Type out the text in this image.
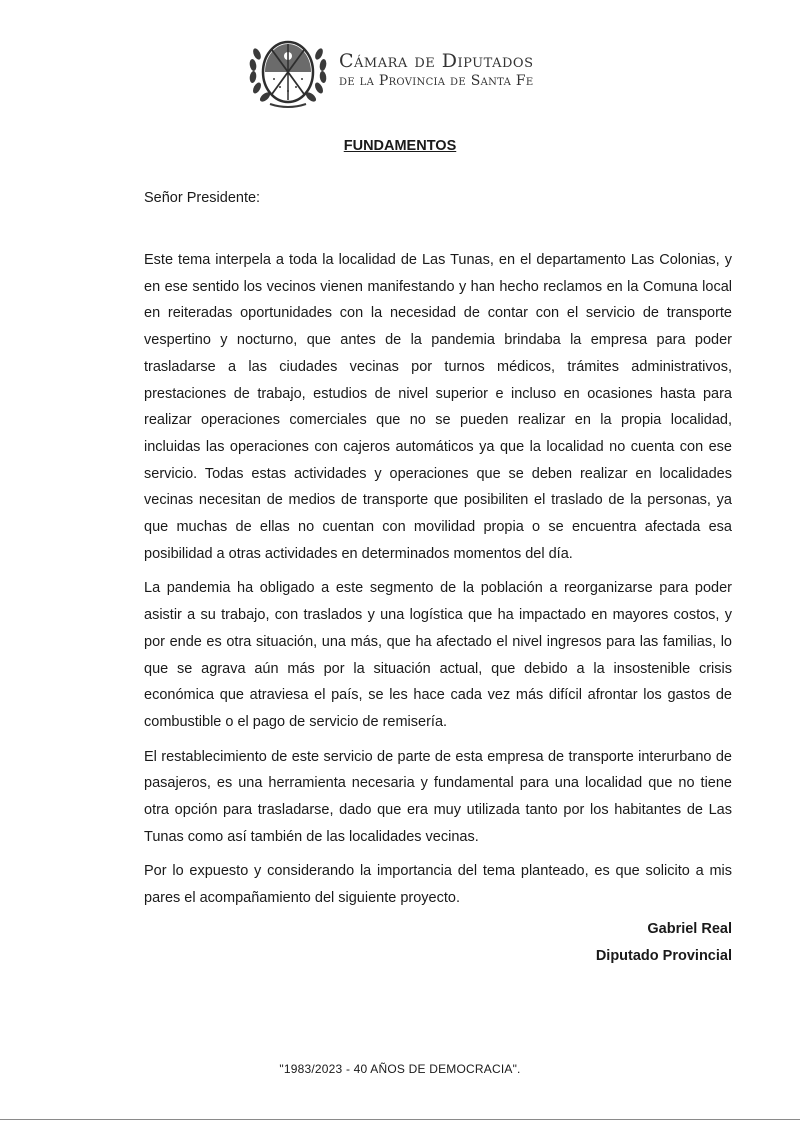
Cámara de Diputados
de la Provincia de Santa Fe
FUNDAMENTOS
Señor Presidente:

Este tema interpela a toda la localidad de Las Tunas, en el departamento Las Colonias, y en ese sentido los vecinos vienen manifestando y han hecho reclamos en la Comuna local en reiteradas oportunidades con la necesidad de contar con el servicio de transporte vespertino y nocturno, que antes de la pandemia brindaba la empresa para poder trasladarse a las ciudades vecinas por turnos médicos, trámites administrativos, prestaciones de trabajo, estudios de nivel superior e incluso en ocasiones hasta para realizar operaciones comerciales que no se pueden realizar en la propia localidad, incluidas las operaciones con cajeros automáticos ya que la localidad no cuenta con ese servicio. Todas estas actividades y operaciones que se deben realizar en localidades vecinas necesitan de medios de transporte que posibiliten el traslado de la personas, ya que muchas de ellas no cuentan con movilidad propia o se encuentra afectada esa posibilidad a otras actividades en determinados momentos del día.

La pandemia ha obligado a este segmento de la población a reorganizarse para poder asistir a su trabajo, con traslados y una logística que ha impactado en mayores costos, y por ende es otra situación, una más, que ha afectado el nivel ingresos para las familias, lo que se agrava aún más por la situación actual, que debido a la insostenible crisis económica que atraviesa el país, se les hace cada vez más difícil afrontar los gastos de combustible o el pago de servicio de remisería.

El restablecimiento de este servicio de parte de esta empresa de transporte interurbano de pasajeros, es una herramienta necesaria y fundamental para una localidad que no tiene otra opción para trasladarse, dado que era muy utilizada tanto por los habitantes de Las Tunas como así también de las localidades vecinas.

Por lo expuesto y considerando la importancia del tema planteado, es que solicito a mis pares el acompañamiento del siguiente proyecto.

Gabriel Real
Diputado Provincial
"1983/2023 - 40 AÑOS DE DEMOCRACIA".
